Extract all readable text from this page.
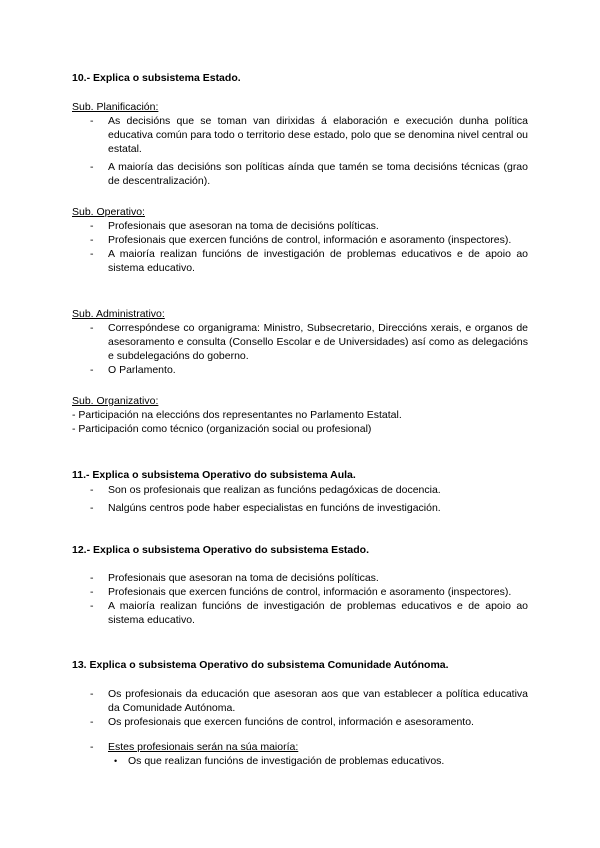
10.- Explica o subsistema Estado.
Sub. Planificación:
- As decisións que se toman van dirixidas á elaboración e execución dunha política educativa común para todo o territorio dese estado, polo que se denomina nivel central ou estatal.
- A maioría das decisións son políticas aínda que tamén se toma decisións técnicas (grao de descentralización).
Sub. Operativo:
- Profesionais que asesoran na toma de decisións políticas.
- Profesionais que exercen funcións de control, información e asoramento (inspectores).
- A maioría realizan funcións de investigación de problemas educativos e de apoio ao sistema educativo.
Sub. Administrativo:
- Correspóndese co organigrama: Ministro, Subsecretario, Direccións xerais, e organos de asesoramento e consulta (Consello Escolar e de Universidades) así como as delegacións e subdelegacións do goberno.
- O Parlamento.
Sub. Organizativo:

- Participación na eleccións dos representantes no Parlamento Estatal.

- Participación como técnico (organización social ou profesional)

11.- Explica o subsistema Operativo do subsistema Aula.
- Son os profesionais que realizan as funcións pedagóxicas de docencia.
- Nalgúns centros pode haber especialistas en funcións de investigación.
12.- Explica o subsistema Operativo do subsistema Estado.
- Profesionais que asesoran na toma de decisións políticas.
- Profesionais que exercen funcións de control, información e asoramento (inspectores).
- A maioría realizan funcións de investigación de problemas educativos e de apoio ao sistema educativo.
13. Explica o subsistema Operativo do subsistema Comunidade Autónoma.
- Os profesionais da educación que asesoran aos que van establecer a política educativa da Comunidade Autónoma.
- Os profesionais que exercen funcións de control, información e asesoramento.
- Estes profesionais serán na súa maioría:
• Os que realizan funcións de investigación de problemas educativos.
